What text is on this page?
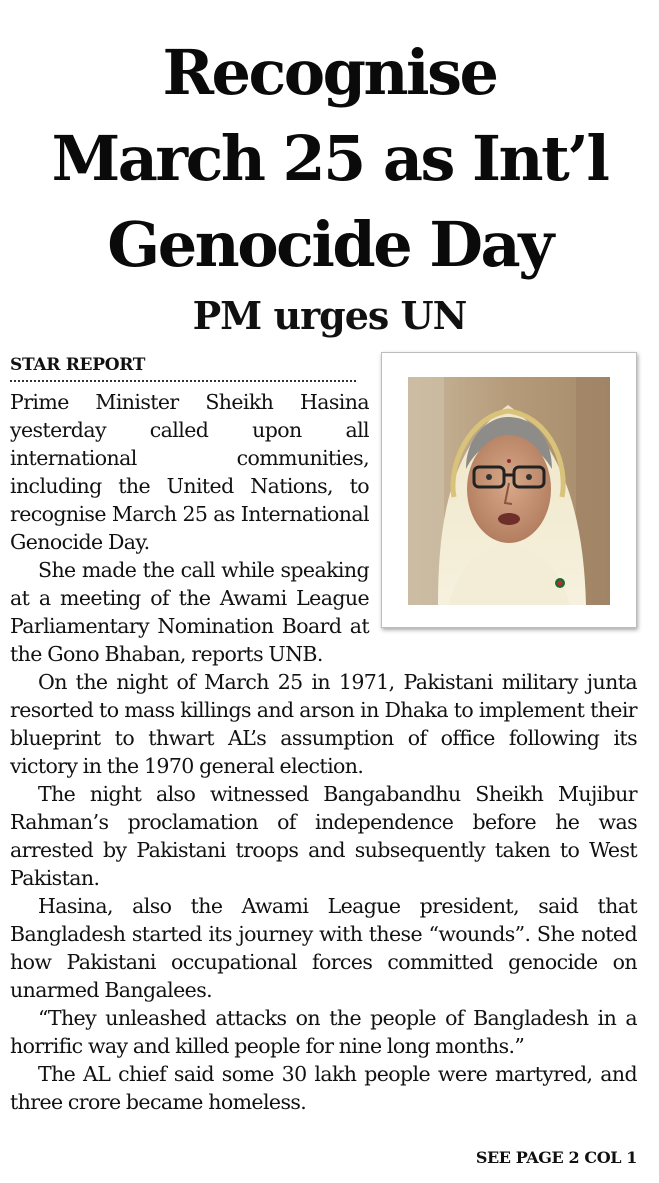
Recognise
March 25 as Int’l
Genocide Day
PM urges UN
STAR REPORT

Prime Minister Sheikh Hasina yesterday called upon all international communities, including the United Nations, to recognise March 25 as International Genocide Day.

She made the call while speaking at a meeting of the Awami League Parliamentary Nomination Board at the Gono Bhaban, reports UNB.

On the night of March 25 in 1971, Pakistani military junta resorted to mass killings and arson in Dhaka to implement their blueprint to thwart AL’s assumption of office following its victory in the 1970 general election.

The night also witnessed Bangabandhu Sheikh Mujibur Rahman’s proclamation of independence before he was arrested by Pakistani troops and subsequently taken to West Pakistan.

Hasina, also the Awami League president, said that Bangladesh started its journey with these “wounds”. She noted how Pakistani occupational forces committed genocide on unarmed Bangalees.

“They unleashed attacks on the people of Bangladesh in a horrific way and killed people for nine long months.”

The AL chief said some 30 lakh people were martyred, and three crore became homeless.

SEE PAGE 2 COL 1
